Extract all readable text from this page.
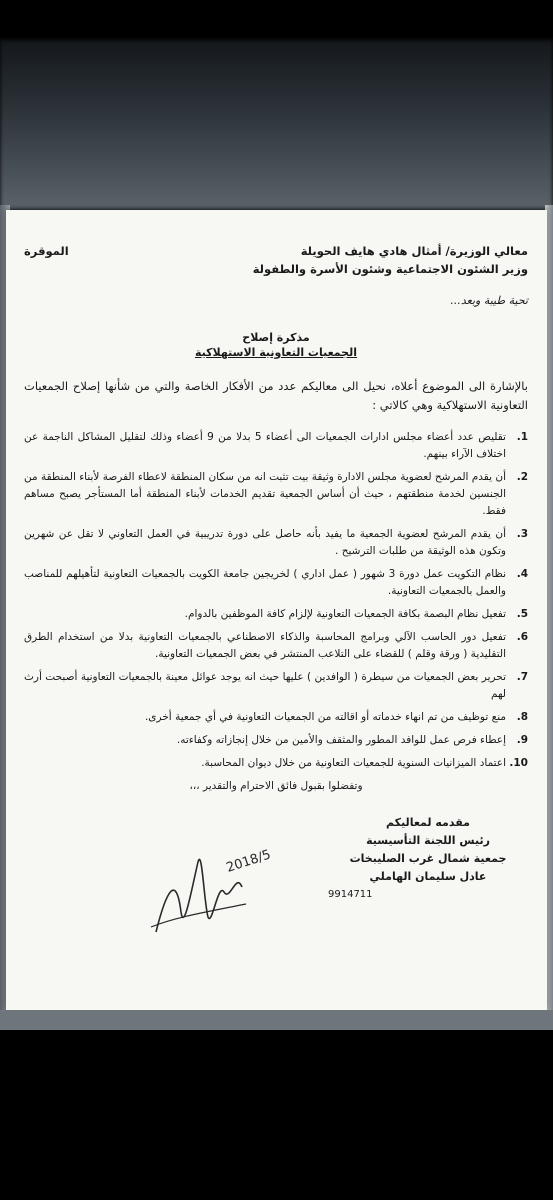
معالي الوزيرة/ أمثال هادي هايف الحويلة
وزير الشئون الاجتماعية وشئون الأسرة والطفولة
الموقرة
تحية طيبة وبعد...
مذكرة إصلاح
الجمعيات التعاونية الاستهلاكية
بالإشارة الى الموضوع أعلاه، نحيل الى معاليكم عدد من الأفكار الخاصة والتي من شأنها إصلاح الجمعيات التعاونية الاستهلاكية وهي كالاتي :
1.
تقليص عدد أعضاء مجلس ادارات الجمعيات الى أعضاء 5 بدلا من 9 أعضاء وذلك لتقليل المشاكل الناجمة عن اختلاف الآراء بينهم.
2.
أن يقدم المرشح لعضوية مجلس الادارة وثيقة بيت تثبت انه من سكان المنطقة لاعطاء الفرصة لأبناء المنطقة من الجنسين لخدمة منطقتهم ، حيث أن أساس الجمعية تقديم الخدمات لأبناء المنطقة أما المستأجر يصبح مساهم فقط.
3.
أن يقدم المرشح لعضوية الجمعية ما يفيد بأنه حاصل على دورة تدريبية في العمل التعاوني لا تقل عن شهرين وتكون هذه الوثيقة من طلبات الترشيح .
4.
نظام التكويت عمل دورة 3 شهور ( عمل اداري ) لخريجين جامعة الكويت بالجمعيات التعاونية لتأهيلهم للمناصب والعمل بالجمعيات التعاونية.
5.
تفعيل نظام البصمة بكافة الجمعيات التعاونية لإلزام كافة الموظفين بالدوام.
6.
تفعيل دور الحاسب الآلي وبرامج المحاسبة والذكاء الاصطناعي بالجمعيات التعاونية بدلا من استخدام الطرق التقليدية ( ورقة وقلم ) للقضاء على التلاعب المنتشر في بعض الجمعيات التعاونية.
7.
تحرير بعض الجمعيات من سيطرة ( الوافدين ) عليها حيث انه يوجد عوائل معينة بالجمعيات التعاونية أصبحت أرث لهم
8.
منع توظيف من تم انهاء خدماته أو اقالته من الجمعيات التعاونية في أي جمعية أخرى.
9.
إعطاء فرص عمل للوافد المطور والمثقف والأمين من خلال إنجازاته وكفاءته.
10.
اعتماد الميزانيات السنوية للجمعيات التعاونية من خلال ديوان المحاسبة.
وتفضلوا بقبول فائق الاحترام والتقدير ،،،
مقدمه لمعاليكم
رئيس اللجنة التأسيسية
جمعية شمال غرب الصليبخات
عادل سليمان الهاملي
9914711
2018/5
